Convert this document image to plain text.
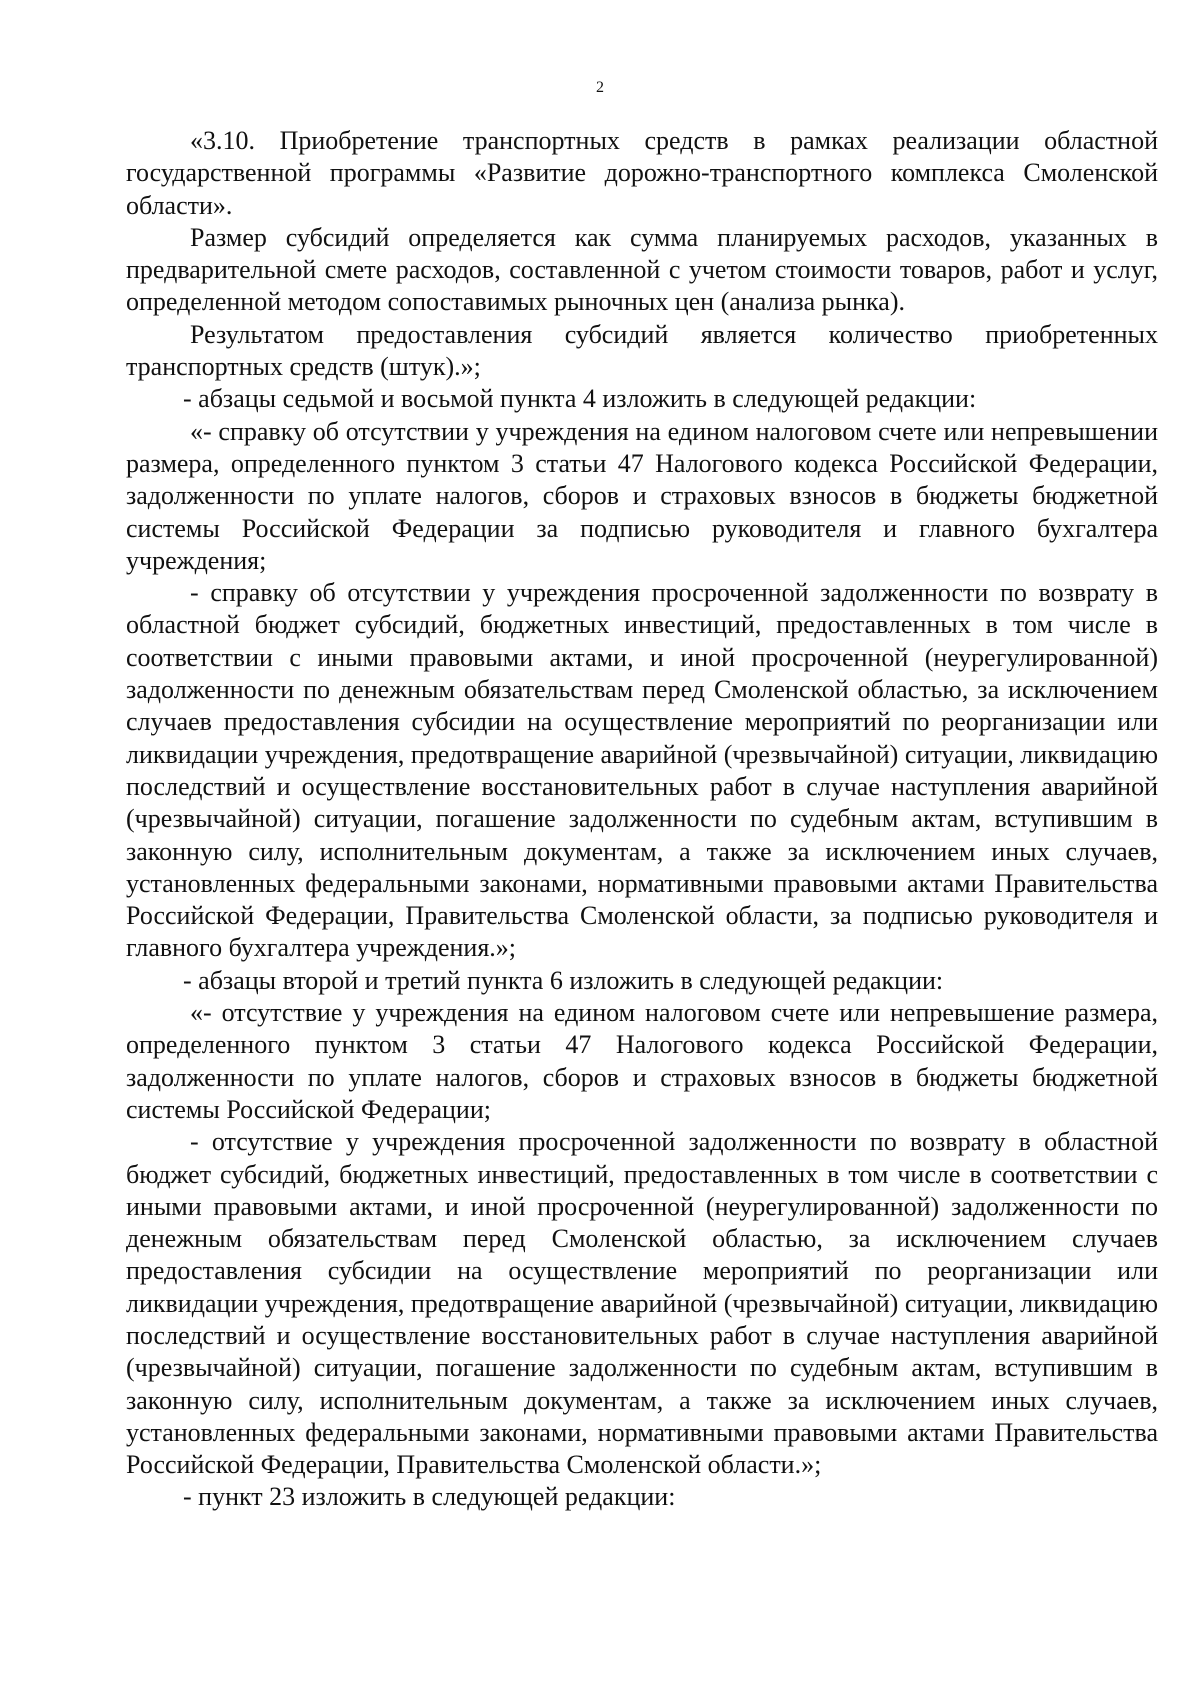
2

«3.10. Приобретение транспортных средств в рамках реализации областной государственной программы «Развитие дорожно-транспортного комплекса Смоленской области».

Размер субсидий определяется как сумма планируемых расходов, указанных в предварительной смете расходов, составленной с учетом стоимости товаров, работ и услуг, определенной методом сопоставимых рыночных цен (анализа рынка).

Результатом предоставления субсидий является количество приобретенных транспортных средств (штук).»;

- абзацы седьмой и восьмой пункта 4 изложить в следующей редакции:

«- справку об отсутствии у учреждения на едином налоговом счете или непревышении размера, определенного пунктом 3 статьи 47 Налогового кодекса Российской Федерации, задолженности по уплате налогов, сборов и страховых взносов в бюджеты бюджетной системы Российской Федерации за подписью руководителя и главного бухгалтера учреждения;

- справку об отсутствии у учреждения просроченной задолженности по возврату в областной бюджет субсидий, бюджетных инвестиций, предоставленных в том числе в соответствии с иными правовыми актами, и иной просроченной (неурегулированной) задолженности по денежным обязательствам перед Смоленской областью, за исключением случаев предоставления субсидии на осуществление мероприятий по реорганизации или ликвидации учреждения, предотвращение аварийной (чрезвычайной) ситуации, ликвидацию последствий и осуществление восстановительных работ в случае наступления аварийной (чрезвычайной) ситуации, погашение задолженности по судебным актам, вступившим в законную силу, исполнительным документам, а также за исключением иных случаев, установленных федеральными законами, нормативными правовыми актами Правительства Российской Федерации, Правительства Смоленской области, за подписью руководителя и главного бухгалтера учреждения.»;

- абзацы второй и третий пункта 6 изложить в следующей редакции:

«- отсутствие у учреждения на едином налоговом счете или непревышение размера, определенного пунктом 3 статьи 47 Налогового кодекса Российской Федерации, задолженности по уплате налогов, сборов и страховых взносов в бюджеты бюджетной системы Российской Федерации;

- отсутствие у учреждения просроченной задолженности по возврату в областной бюджет субсидий, бюджетных инвестиций, предоставленных в том числе в соответствии с иными правовыми актами, и иной просроченной (неурегулированной) задолженности по денежным обязательствам перед Смоленской областью, за исключением случаев предоставления субсидии на осуществление мероприятий по реорганизации или ликвидации учреждения, предотвращение аварийной (чрезвычайной) ситуации, ликвидацию последствий и осуществление восстановительных работ в случае наступления аварийной (чрезвычайной) ситуации, погашение задолженности по судебным актам, вступившим в законную силу, исполнительным документам, а также за исключением иных случаев, установленных федеральными законами, нормативными правовыми актами Правительства Российской Федерации, Правительства Смоленской области.»;

- пункт 23 изложить в следующей редакции:
